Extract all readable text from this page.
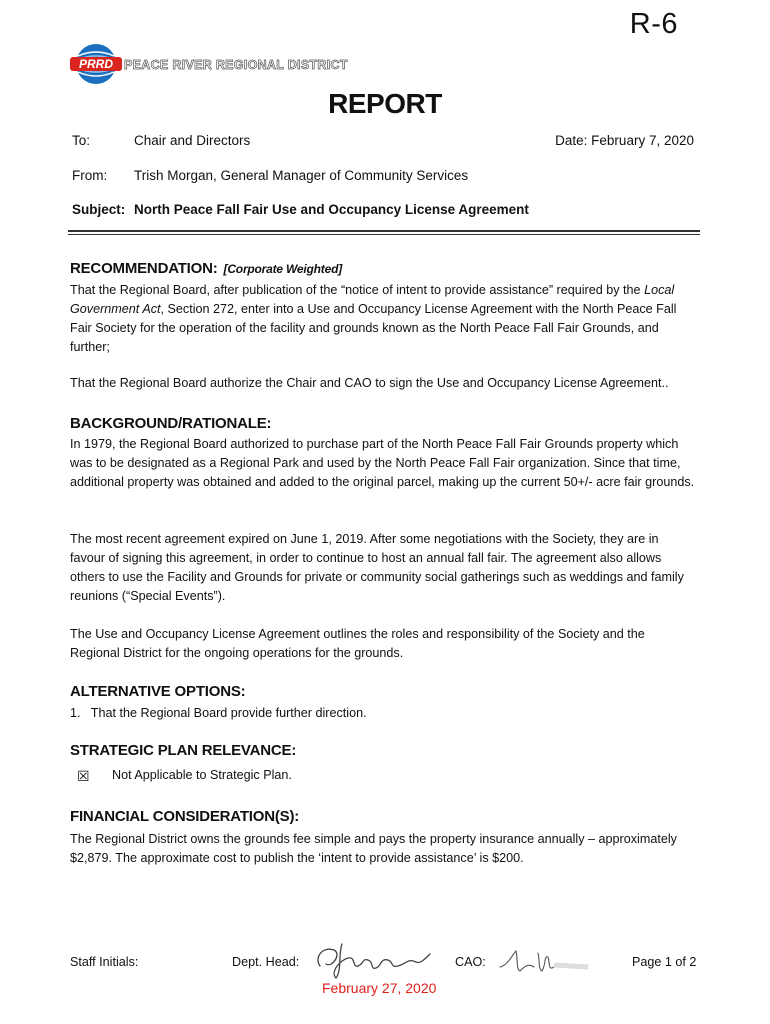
R-6
PRRD PEACE RIVER REGIONAL DISTRICT
REPORT
To:	Chair and Directors	Date: February 7, 2020
From: Trish Morgan, General Manager of Community Services
Subject: North Peace Fall Fair Use and Occupancy License Agreement
RECOMMENDATION: [Corporate Weighted]
That the Regional Board, after publication of the “notice of intent to provide assistance” required by the Local Government Act, Section 272, enter into a Use and Occupancy License Agreement with the North Peace Fall Fair Society for the operation of the facility and grounds known as the North Peace Fall Fair Grounds, and further;
That the Regional Board authorize the Chair and CAO to sign the Use and Occupancy License Agreement..
BACKGROUND/RATIONALE:
In 1979, the Regional Board authorized to purchase part of the North Peace Fall Fair Grounds property which was to be designated as a Regional Park and used by the North Peace Fall Fair organization. Since that time, additional property was obtained and added to the original parcel, making up the current 50+/- acre fair grounds.
The most recent agreement expired on June 1, 2019. After some negotiations with the Society, they are in favour of signing this agreement, in order to continue to host an annual fall fair. The agreement also allows others to use the Facility and Grounds for private or community social gatherings such as weddings and family reunions (“Special Events”).
The Use and Occupancy License Agreement outlines the roles and responsibility of the Society and the Regional District for the ongoing operations for the grounds.
ALTERNATIVE OPTIONS:
1.   That the Regional Board provide further direction.
STRATEGIC PLAN RELEVANCE:
☒ Not Applicable to Strategic Plan.
FINANCIAL CONSIDERATION(S):
The Regional District owns the grounds fee simple and pays the property insurance annually – approximately $2,879. The approximate cost to publish the ‘intent to provide assistance’ is $200.
Staff Initials:	Dept. Head:	CAO:	Page 1 of 2
February 27, 2020
